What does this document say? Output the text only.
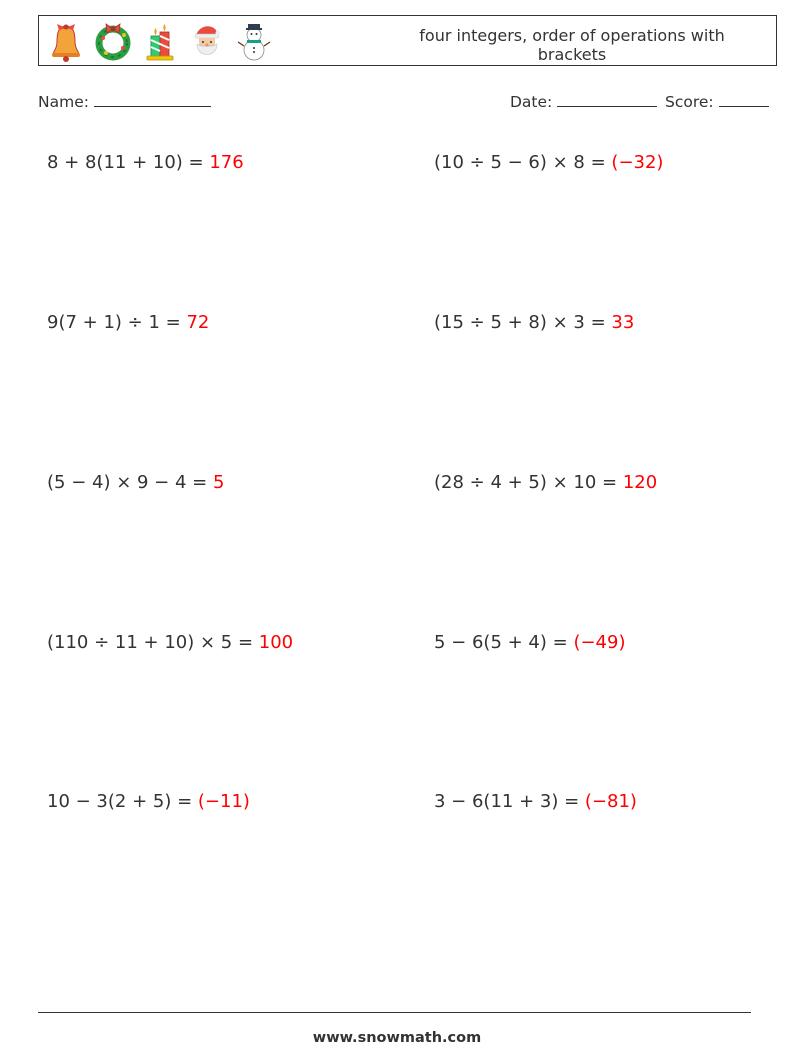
four integers, order of operations with brackets
Name:	Date:	Score:
8 + 8(11 + 10) = 176	(10 ÷ 5 − 6) × 8 = (−32)
9(7 + 1) ÷ 1 = 72	(15 ÷ 5 + 8) × 3 = 33
(5 − 4) × 9 − 4 = 5	(28 ÷ 4 + 5) × 10 = 120
(110 ÷ 11 + 10) × 5 = 100	5 − 6(5 + 4) = (−49)
10 − 3(2 + 5) = (−11)	3 − 6(11 + 3) = (−81)
www.snowmath.com
